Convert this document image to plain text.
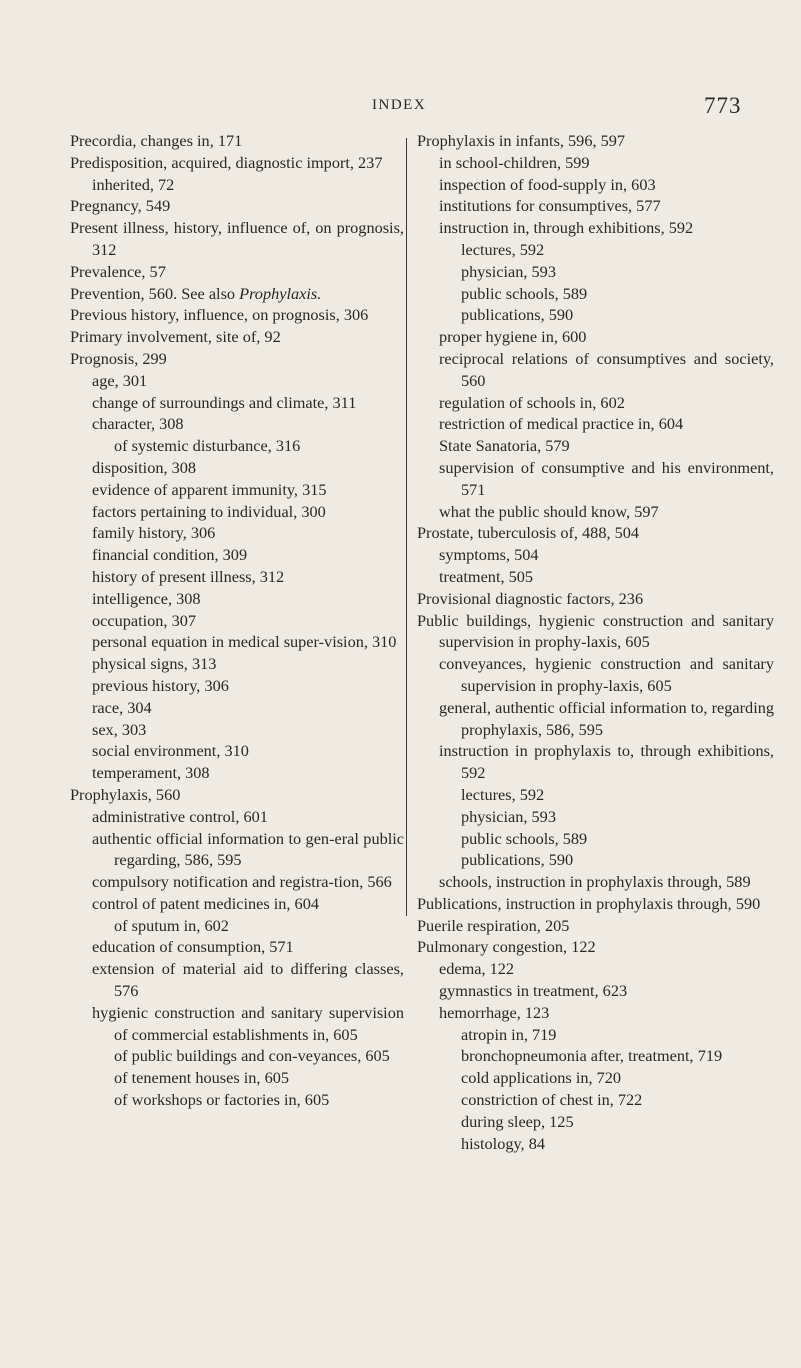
INDEX	773
Precordia, changes in, 171
Predisposition, acquired, diagnostic import, 237
inherited, 72
Pregnancy, 549
Present illness, history, influence of, on prognosis, 312
Prevalence, 57
Prevention, 560. See also Prophylaxis.
Previous history, influence, on prognosis, 306
Primary involvement, site of, 92
Prognosis, 299
age, 301
change of surroundings and climate, 311
character, 308
of systemic disturbance, 316
disposition, 308
evidence of apparent immunity, 315
factors pertaining to individual, 300
family history, 306
financial condition, 309
history of present illness, 312
intelligence, 308
occupation, 307
personal equation in medical super-vision, 310
physical signs, 313
previous history, 306
race, 304
sex, 303
social environment, 310
temperament, 308
Prophylaxis, 560
administrative control, 601
authentic official information to gen-eral public regarding, 586, 595
compulsory notification and registra-tion, 566
control of patent medicines in, 604
of sputum in, 602
education of consumption, 571
extension of material aid to differing classes, 576
hygienic construction and sanitary supervision of commercial establishments in, 605
of public buildings and con-veyances, 605
of tenement houses in, 605
of workshops or factories in, 605
Prophylaxis in infants, 596, 597
in school-children, 599
inspection of food-supply in, 603
institutions for consumptives, 577
instruction in, through exhibitions, 592
lectures, 592
physician, 593
public schools, 589
publications, 590
proper hygiene in, 600
reciprocal relations of consumptives and society, 560
regulation of schools in, 602
restriction of medical practice in, 604
State Sanatoria, 579
supervision of consumptive and his environment, 571
what the public should know, 597
Prostate, tuberculosis of, 488, 504
symptoms, 504
treatment, 505
Provisional diagnostic factors, 236
Public buildings, hygienic construction and sanitary supervision in prophy-laxis, 605
conveyances, hygienic construction and sanitary supervision in prophy-laxis, 605
general, authentic official information to, regarding prophylaxis, 586, 595
instruction in prophylaxis to, through exhibitions, 592
lectures, 592
physician, 593
public schools, 589
publications, 590
schools, instruction in prophylaxis through, 589
Publications, instruction in prophylaxis through, 590
Puerile respiration, 205
Pulmonary congestion, 122
edema, 122
gymnastics in treatment, 623
hemorrhage, 123
atropin in, 719
bronchopneumonia after, treatment, 719
cold applications in, 720
constriction of chest in, 722
during sleep, 125
histology, 84
